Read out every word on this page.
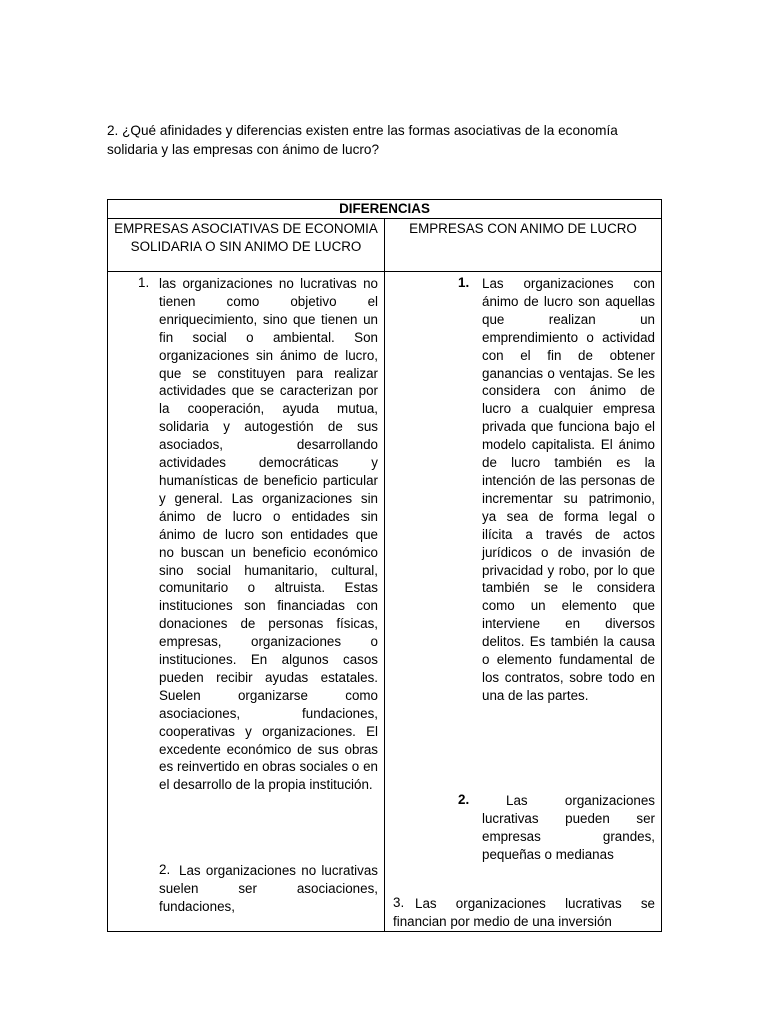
2. ¿Qué afinidades y diferencias existen entre las formas asociativas de la economía solidaria y las empresas con ánimo de lucro?

DIFERENCIAS
EMPRESAS ASOCIATIVAS DE ECONOMIA SOLIDARIA O SIN ANIMO DE LUCRO
EMPRESAS CON ANIMO DE LUCRO
1. las organizaciones no lucrativas no tienen como objetivo el enriquecimiento, sino que tienen un fin social o ambiental. Son organizaciones sin ánimo de lucro, que se constituyen para realizar actividades que se caracterizan por la cooperación, ayuda mutua, solidaria y autogestión de sus asociados, desarrollando actividades democráticas y humanísticas de beneficio particular y general. Las organizaciones sin ánimo de lucro o entidades sin ánimo de lucro son entidades que no buscan un beneficio económico sino social humanitario, cultural, comunitario o altruista. Estas instituciones son financiadas con donaciones de personas físicas, empresas, organizaciones o instituciones. En algunos casos pueden recibir ayudas estatales. Suelen organizarse como asociaciones, fundaciones, cooperativas y organizaciones. El excedente económico de sus obras es reinvertido en obras sociales o en el desarrollo de la propia institución.
2. Las organizaciones no lucrativas suelen ser asociaciones, fundaciones,
1. Las organizaciones con ánimo de lucro son aquellas que realizan un emprendimiento o actividad con el fin de obtener ganancias o ventajas. Se les considera con ánimo de lucro a cualquier empresa privada que funciona bajo el modelo capitalista. El ánimo de lucro también es la intención de las personas de incrementar su patrimonio, ya sea de forma legal o ilícita a través de actos jurídicos o de invasión de privacidad y robo, por lo que también se le considera como un elemento que interviene en diversos delitos. Es también la causa o elemento fundamental de los contratos, sobre todo en una de las partes.
2.	Las organizaciones lucrativas pueden ser empresas grandes, pequeñas o medianas
3. Las organizaciones lucrativas se financian por medio de una inversión
